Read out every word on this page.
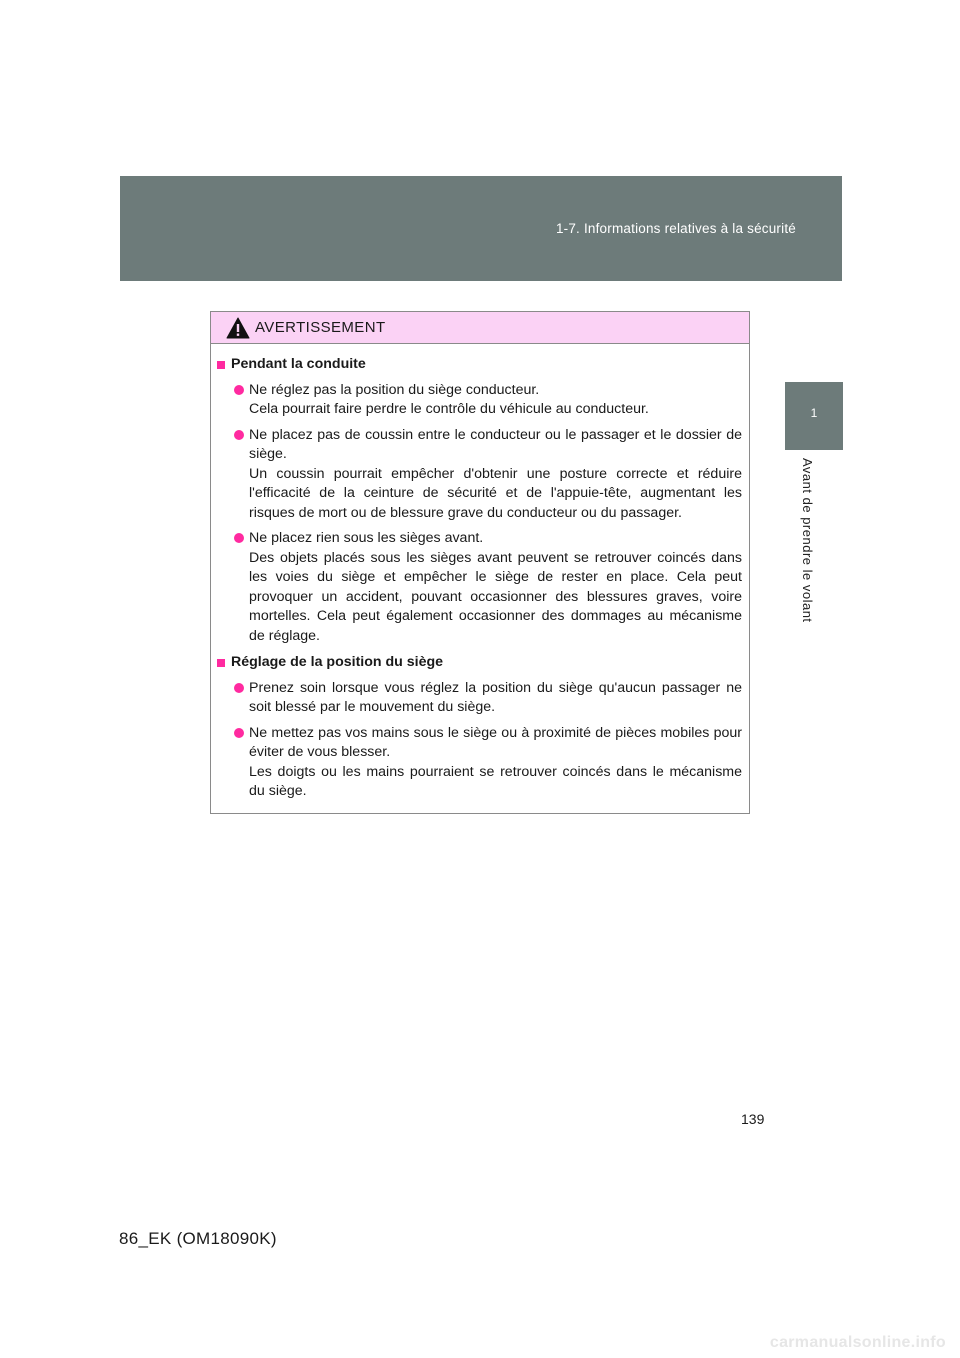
1-7. Informations relatives à la sécurité
1
Avant de prendre le volant
AVERTISSEMENT
Pendant la conduite
Ne réglez pas la position du siège conducteur.
Cela pourrait faire perdre le contrôle du véhicule au conducteur.
Ne placez pas de coussin entre le conducteur ou le passager et le dossier de siège.
Un coussin pourrait empêcher d'obtenir une posture correcte et réduire l'efficacité de la ceinture de sécurité et de l'appuie-tête, augmentant les risques de mort ou de blessure grave du conducteur ou du passager.
Ne placez rien sous les sièges avant.
Des objets placés sous les sièges avant peuvent se retrouver coincés dans les voies du siège et empêcher le siège de rester en place. Cela peut provoquer un accident, pouvant occasionner des blessures graves, voire mortelles. Cela peut également occasionner des dommages au mécanisme de réglage.
Réglage de la position du siège
Prenez soin lorsque vous réglez la position du siège qu'aucun passager ne soit blessé par le mouvement du siège.
Ne mettez pas vos mains sous le siège ou à proximité de pièces mobiles pour éviter de vous blesser.
Les doigts ou les mains pourraient se retrouver coincés dans le mécanisme du siège.
139
86_EK (OM18090K)
carmanualsonline.info
